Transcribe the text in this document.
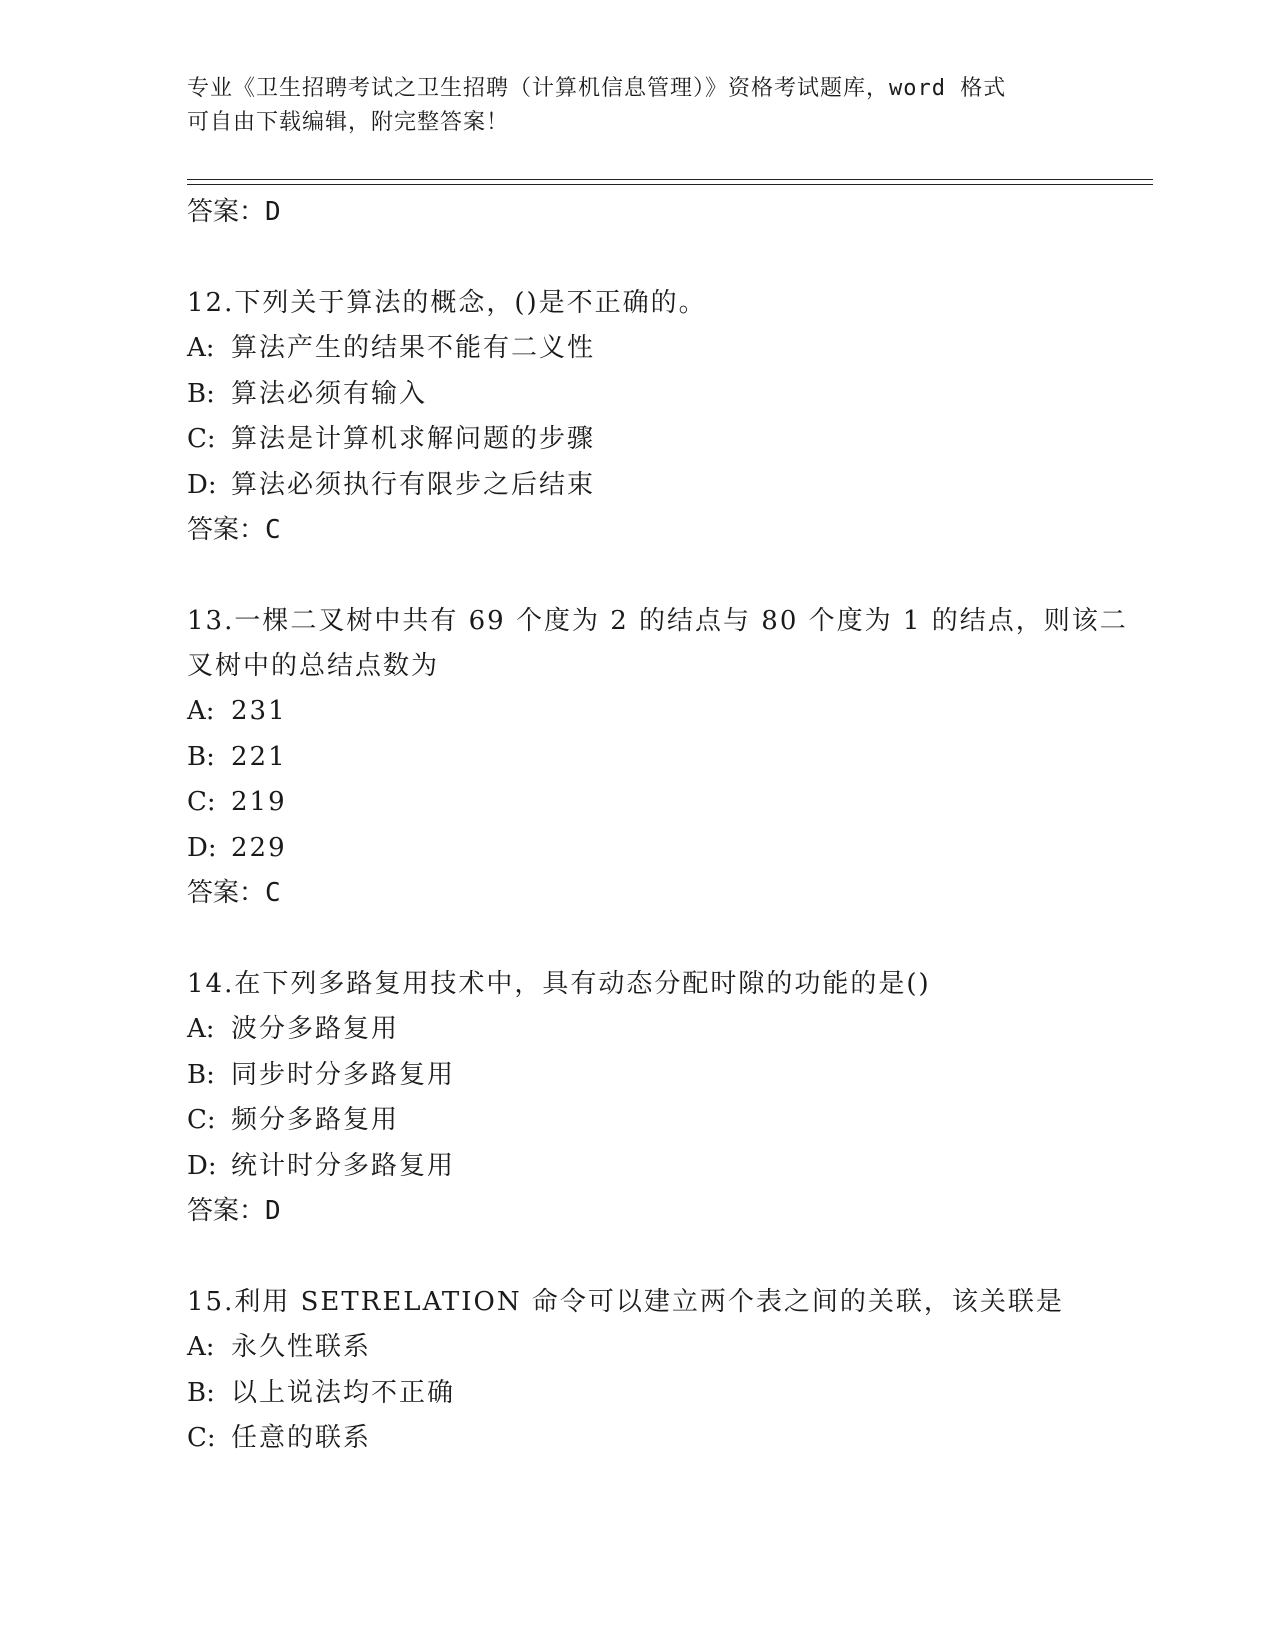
专业《卫生招聘考试之卫生招聘（计算机信息管理）》资格考试题库，word 格式
可自由下载编辑，附完整答案！
答案：D
12.下列关于算法的概念，()是不正确的。
A: 算法产生的结果不能有二义性
B: 算法必须有输入
C: 算法是计算机求解问题的步骤
D: 算法必须执行有限步之后结束
答案：C
13.一棵二叉树中共有 69 个度为 2 的结点与 80 个度为 1 的结点，则该二叉树中的总结点数为
A: 231
B: 221
C: 219
D: 229
答案：C
14.在下列多路复用技术中，具有动态分配时隙的功能的是()
A: 波分多路复用
B: 同步时分多路复用
C: 频分多路复用
D: 统计时分多路复用
答案：D
15.利用 SETRELATION 命令可以建立两个表之间的关联，该关联是
A: 永久性联系
B: 以上说法均不正确
C: 任意的联系
